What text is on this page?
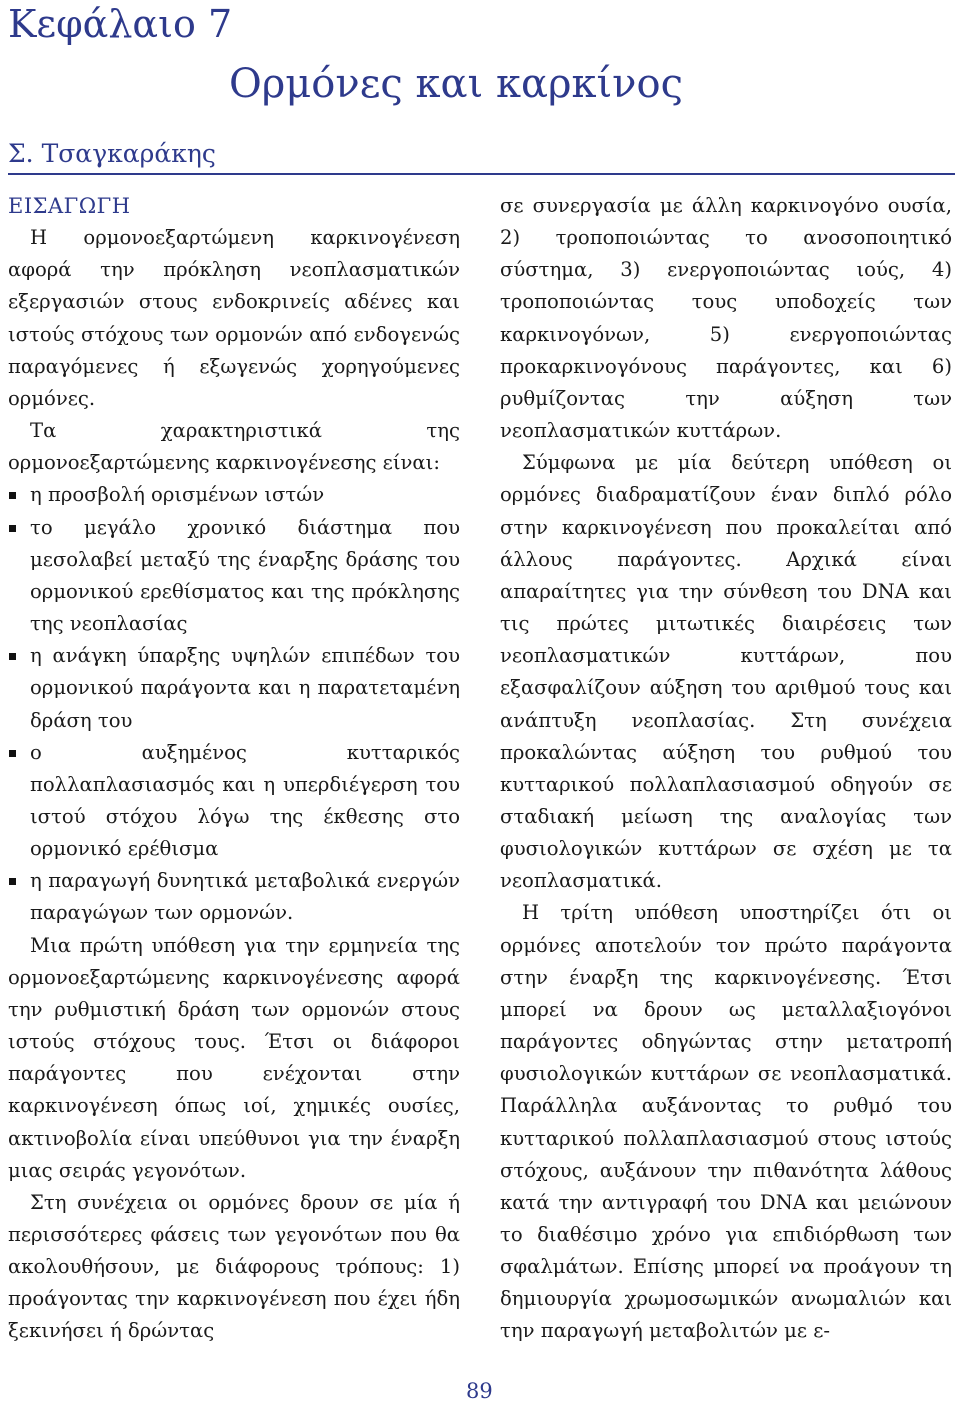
Κεφάλαιο 7
Ορμόνες και καρκίνος
Σ. Τσαγκαράκης
ΕΙΣΑΓΩΓΗ

Η ορμονοεξαρτώμενη καρκινογένεση αφορά την πρόκληση νεοπλασματικών εξεργασιών στους ενδοκρινείς αδένες και ιστούς στόχους των ορμονών από ενδογενώς παραγόμενες ή εξωγενώς χορηγούμενες ορμόνες.

Τα χαρακτηριστικά της ορμονοεξαρτώμενης καρκινογένεσης είναι:

η προσβολή ορισμένων ιστών
το μεγάλο χρονικό διάστημα που μεσολαβεί μεταξύ της έναρξης δράσης του ορμονικού ερεθίσματος και της πρόκλησης της νεοπλασίας
η ανάγκη ύπαρξης υψηλών επιπέδων του ορμονικού παράγοντα και η παρατεταμένη δράση του
ο αυξημένος κυτταρικός πολλαπλασιασμός και η υπερδιέγερση του ιστού στόχου λόγω της έκθεσης στο ορμονικό ερέθισμα
η παραγωγή δυνητικά μεταβολικά ενεργών παραγώγων των ορμονών.

Μια πρώτη υπόθεση για την ερμηνεία της ορμονοεξαρτώμενης καρκινογένεσης αφορά την ρυθμιστική δράση των ορμονών στους ιστούς στόχους τους. Έτσι οι διάφοροι παράγοντες που ενέχονται στην καρκινογένεση όπως ιοί, χημικές ουσίες, ακτινοβολία είναι υπεύθυνοι για την έναρξη μιας σειράς γεγονότων.

Στη συνέχεια οι ορμόνες δρουν σε μία ή περισσότερες φάσεις των γεγονότων που θα ακολουθήσουν, με διάφορους τρόπους: 1) προάγοντας την καρκινογένεση που έχει ήδη ξεκινήσει ή δρώντας

σε συνεργασία με άλλη καρκινογόνο ουσία, 2) τροποποιώντας το ανοσοποιητικό σύστημα, 3) ενεργοποιώντας ιούς, 4) τροποποιώντας τους υποδοχείς των καρκινογόνων, 5) ενεργοποιώντας προκαρκινογόνους παράγοντες, και 6) ρυθμίζοντας την αύξηση των νεοπλασματικών κυττάρων.

Σύμφωνα με μία δεύτερη υπόθεση οι ορμόνες διαδραματίζουν έναν διπλό ρόλο στην καρκινογένεση που προκαλείται από άλλους παράγοντες. Αρχικά είναι απαραίτητες για την σύνθεση του DNA και τις πρώτες μιτωτικές διαιρέσεις των νεοπλασματικών κυττάρων, που εξασφαλίζουν αύξηση του αριθμού τους και ανάπτυξη νεοπλασίας. Στη συνέχεια προκαλώντας αύξηση του ρυθμού του κυτταρικού πολλαπλασιασμού οδηγούν σε σταδιακή μείωση της αναλογίας των φυσιολογικών κυττάρων σε σχέση με τα νεοπλασματικά.

Η τρίτη υπόθεση υποστηρίζει ότι οι ορμόνες αποτελούν τον πρώτο παράγοντα στην έναρξη της καρκινογένεσης. Έτσι μπορεί να δρουν ως μεταλλαξιογόνοι παράγοντες οδηγώντας στην μετατροπή φυσιολογικών κυττάρων σε νεοπλασματικά. Παράλληλα αυξάνοντας το ρυθμό του κυτταρικού πολλαπλασιασμού στους ιστούς στόχους, αυξάνουν την πιθανότητα λάθους κατά την αντιγραφή του DNA και μειώνουν το διαθέσιμο χρόνο για επιδιόρθωση των σφαλμάτων. Επίσης μπορεί να προάγουν τη δημιουργία χρωμοσωμικών ανωμαλιών και την παραγωγή μεταβολιτών με ε-

89
